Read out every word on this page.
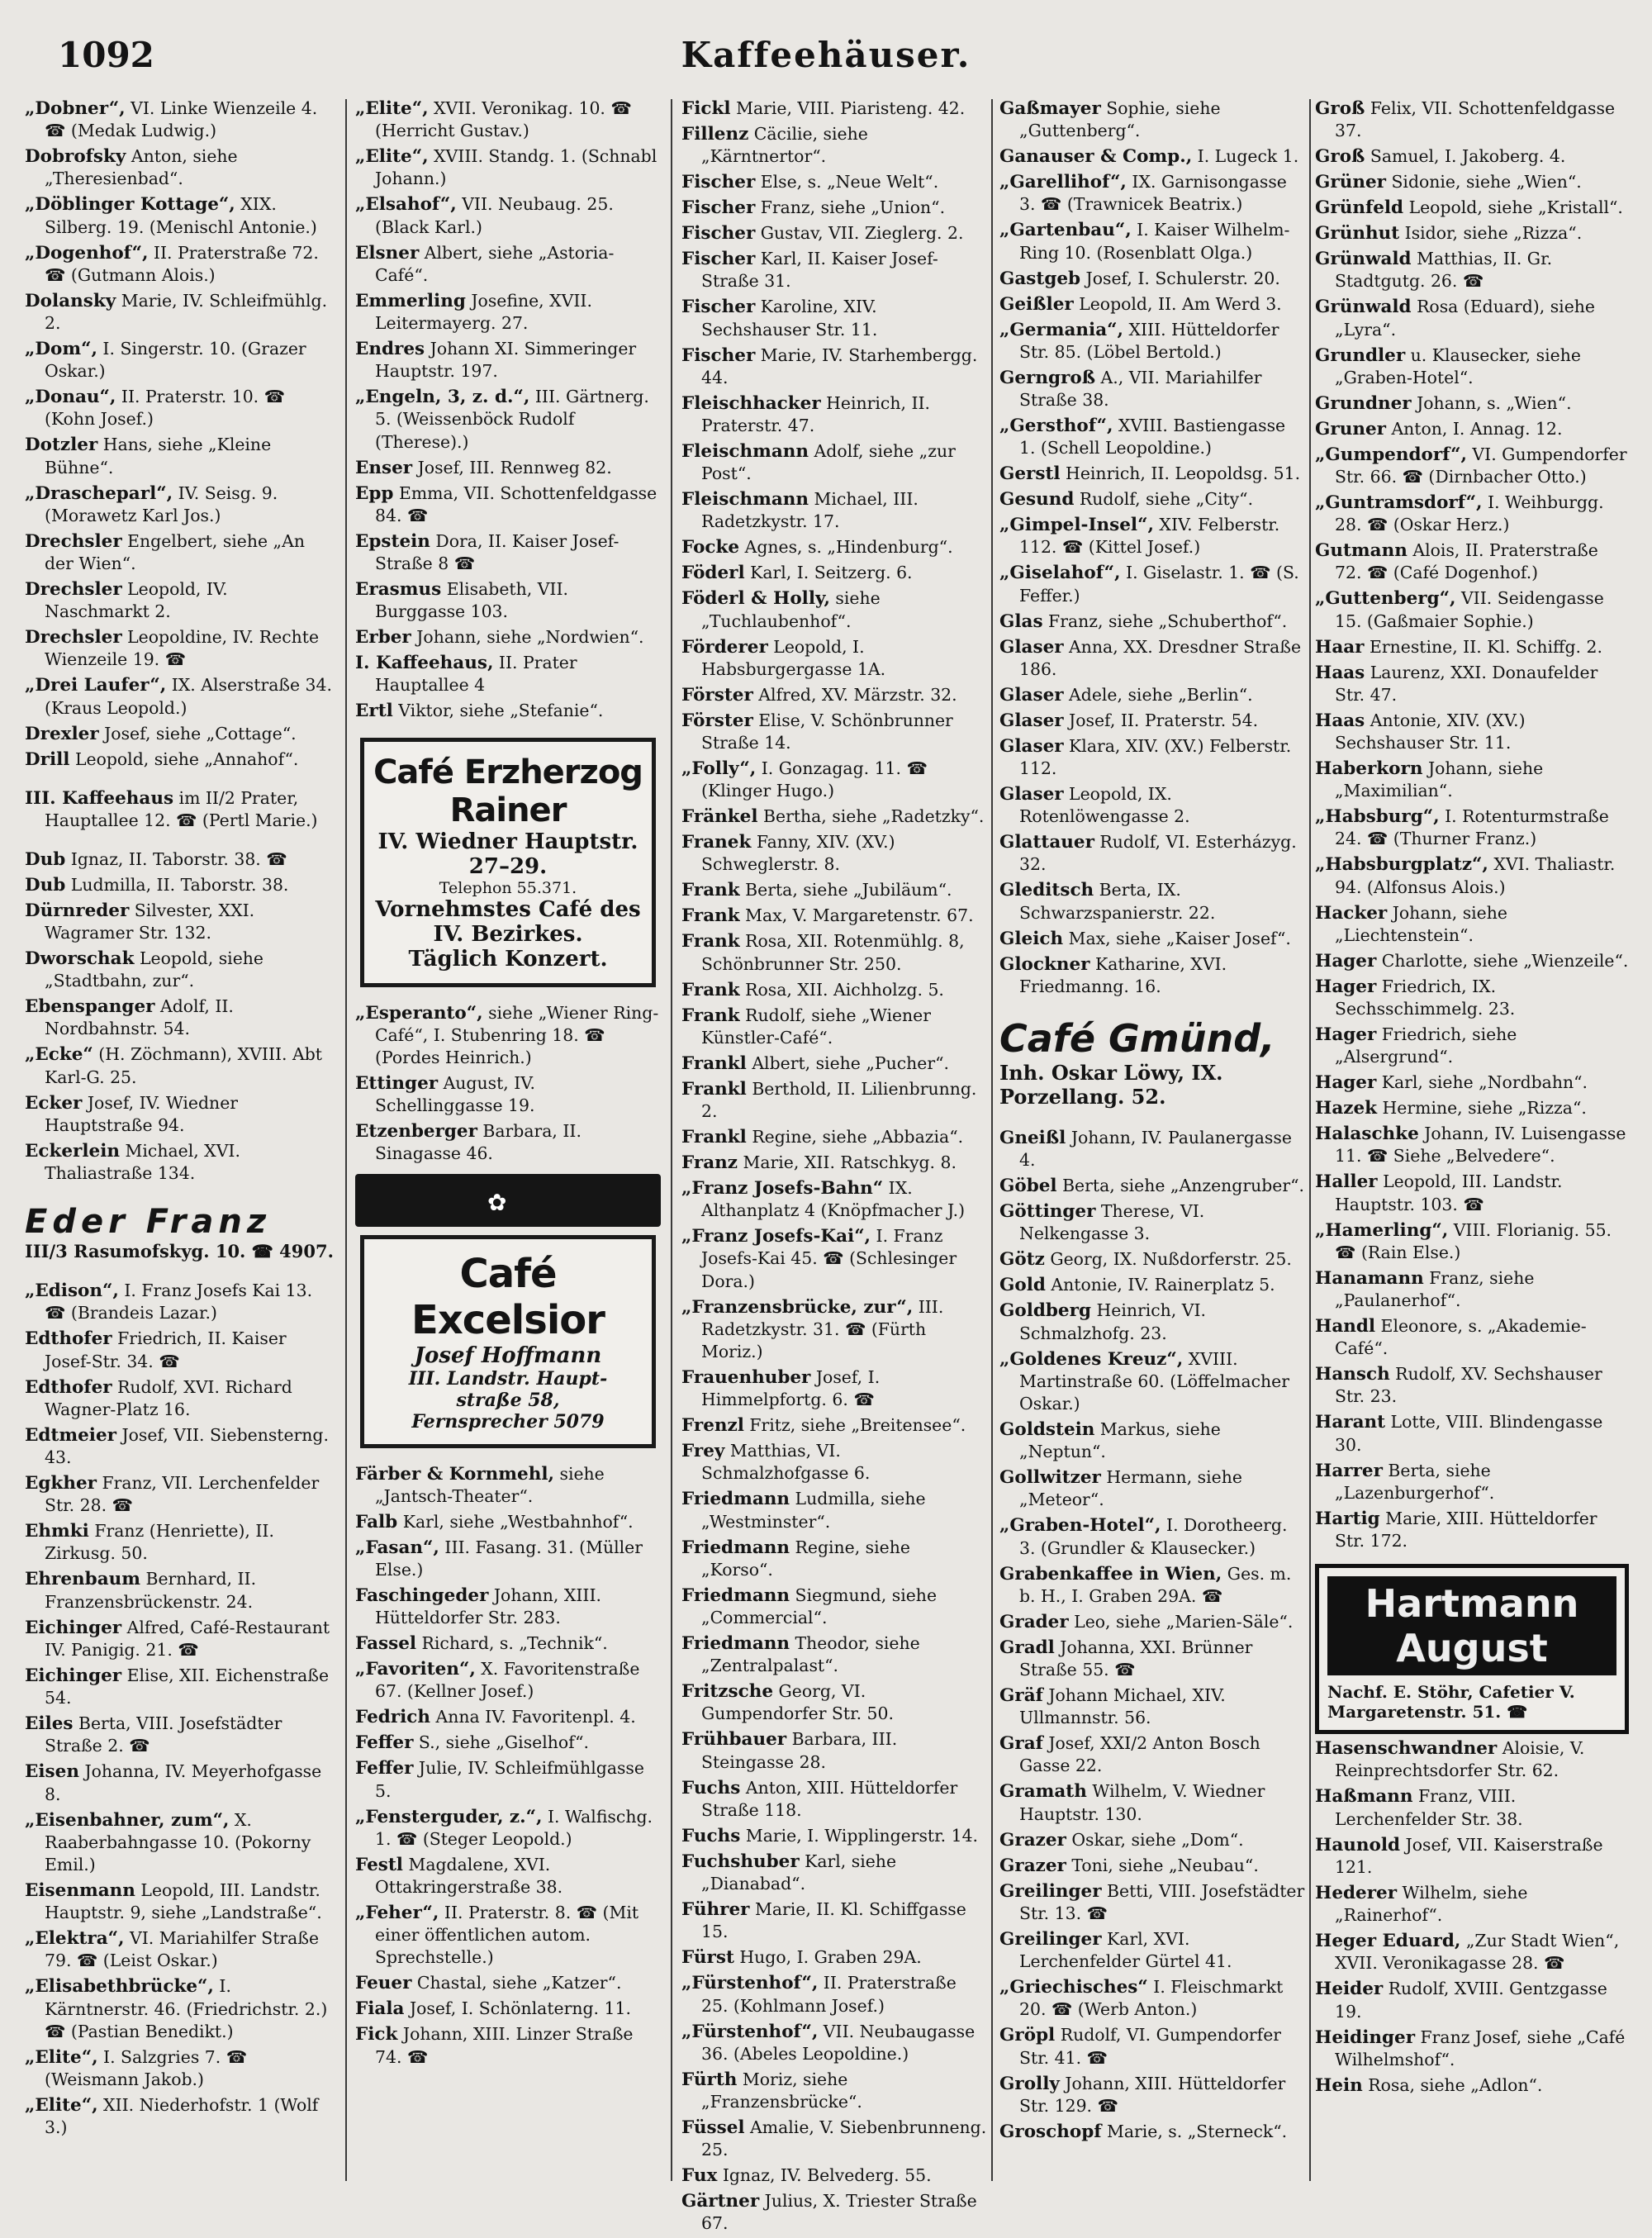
1092	Kaffeehäuser.
„Dobner“, VI. Linke Wienzeile 4. ☎ (Medak Ludwig.)
Dobrofsky Anton, siehe „Theresienbad“.
„Döblinger Kottage“, XIX. Silberg. 19. (Menischl Antonie.)
„Dogenhof“, II. Praterstraße 72. ☎ (Gutmann Alois.)
Dolansky Marie, IV. Schleifmühlg. 2.
„Dom“, I. Singerstr. 10. (Grazer Oskar.)
„Donau“, II. Praterstr. 10. ☎ (Kohn Josef.)
Dotzler Hans, siehe „Kleine Bühne“.
„Drascheparl“, IV. Seisg. 9. (Morawetz Karl Jos.)
Drechsler Engelbert, siehe „An der Wien“.
Drechsler Leopold, IV. Naschmarkt 2.
Drechsler Leopoldine, IV. Rechte Wienzeile 19. ☎
„Drei Laufer“, IX. Alserstraße 34. (Kraus Leopold.)
Drexler Josef, siehe „Cottage“.
Drill Leopold, siehe „Annahof“.
III. Kaffeehaus im II/2 Prater, Hauptallee 12. ☎ (Pertl Marie.)
Dub Ignaz, II. Taborstr. 38. ☎
Dub Ludmilla, II. Taborstr. 38.
Dürnreder Silvester, XXI. Wagramer Str. 132.
Dworschak Leopold, siehe „Stadtbahn, zur“.
Ebenspanger Adolf, II. Nordbahnstr. 54.
„Ecke“ (H. Zöchmann), XVIII. Abt Karl-G. 25.
Ecker Josef, IV. Wiedner Hauptstraße 94.
Eckerlein Michael, XVI. Thaliastraße 134.
Eder Franz
III/3 Rasumofskyg. 10. ☎ 4907.
„Edison“, I. Franz Josefs Kai 13. ☎ (Brandeis Lazar.)
Edthofer Friedrich, II. Kaiser Josef-Str. 34. ☎
Edthofer Rudolf, XVI. Richard Wagner-Platz 16.
Edtmeier Josef, VII. Siebensterng. 43.
Egkher Franz, VII. Lerchenfelder Str. 28. ☎
Ehmki Franz (Henriette), II. Zirkusg. 50.
Ehrenbaum Bernhard, II. Franzensbrückenstr. 24.
Eichinger Alfred, Café-Restaurant IV. Panigig. 21. ☎
Eichinger Elise, XII. Eichenstraße 54.
Eiles Berta, VIII. Josefstädter Straße 2. ☎
Eisen Johanna, IV. Meyerhofgasse 8.
„Eisenbahner, zum“, X. Raaberbahngasse 10. (Pokorny Emil.)
Eisenmann Leopold, III. Landstr. Hauptstr. 9, siehe „Landstraße“.
„Elektra“, VI. Mariahilfer Straße 79. ☎ (Leist Oskar.)
„Elisabethbrücke“, I. Kärntnerstr. 46. (Friedrichstr. 2.) ☎ (Pastian Benedikt.)
„Elite“, I. Salzgries 7. ☎ (Weismann Jakob.)
„Elite“, XII. Niederhofstr. 1 (Wolf 3.)
„Elite“, XVII. Veronikag. 10. ☎ (Herricht Gustav.)
„Elite“, XVIII. Standg. 1. (Schnabl Johann.)
„Elsahof“, VII. Neubaug. 25. (Black Karl.)
Elsner Albert, siehe „Astoria-Café“.
Emmerling Josefine, XVII. Leitermayerg. 27.
Endres Johann XI. Simmeringer Hauptstr. 197.
„Engeln, 3, z. d.“, III. Gärtnerg. 5. (Weissenböck Rudolf (Therese).)
Enser Josef, III. Rennweg 82.
Epp Emma, VII. Schottenfeldgasse 84. ☎
Epstein Dora, II. Kaiser Josef-Straße 8 ☎
Erasmus Elisabeth, VII. Burggasse 103.
Erber Johann, siehe „Nordwien“.
I. Kaffeehaus, II. Prater Hauptallee 4
Ertl Viktor, siehe „Stefanie“.
Café Erzherzog Rainer
IV. Wiedner Hauptstr. 27–29.
Telephon 55.371.
Vornehmstes Café des
IV. Bezirkes.
Täglich Konzert.
„Esperanto“, siehe „Wiener Ring-Café“, I. Stubenring 18. ☎ (Pordes Heinrich.)
Ettinger August, IV. Schellinggasse 19.
Etzenberger Barbara, II. Sinagasse 46.
✿
Café Excelsior
Josef Hoffmann
III. Landstr. Haupt-
straße 58,
Fernsprecher 5079
Färber & Kornmehl, siehe „Jantsch-Theater“.
Falb Karl, siehe „Westbahnhof“.
„Fasan“, III. Fasang. 31. (Müller Else.)
Faschingeder Johann, XIII. Hütteldorfer Str. 283.
Fassel Richard, s. „Technik“.
„Favoriten“, X. Favoritenstraße 67. (Kellner Josef.)
Fedrich Anna IV. Favoritenpl. 4.
Feffer S., siehe „Giselhof“.
Feffer Julie, IV. Schleifmühlgasse 5.
„Fensterguder, z.“, I. Walfischg. 1. ☎ (Steger Leopold.)
Festl Magdalene, XVI. Ottakringerstraße 38.
„Feher“, II. Praterstr. 8. ☎ (Mit einer öffentlichen autom. Sprechstelle.)
Feuer Chastal, siehe „Katzer“.
Fiala Josef, I. Schönlaterng. 11.
Fick Johann, XIII. Linzer Straße 74. ☎
Fickl Marie, VIII. Piaristeng. 42.
Fillenz Cäcilie, siehe „Kärntnertor“.
Fischer Else, s. „Neue Welt“.
Fischer Franz, siehe „Union“.
Fischer Gustav, VII. Zieglerg. 2.
Fischer Karl, II. Kaiser Josef-Straße 31.
Fischer Karoline, XIV. Sechshauser Str. 11.
Fischer Marie, IV. Starhembergg. 44.
Fleischhacker Heinrich, II. Praterstr. 47.
Fleischmann Adolf, siehe „zur Post“.
Fleischmann Michael, III. Radetzkystr. 17.
Focke Agnes, s. „Hindenburg“.
Föderl Karl, I. Seitzerg. 6.
Föderl & Holly, siehe „Tuchlaubenhof“.
Förderer Leopold, I. Habsburgergasse 1A.
Förster Alfred, XV. Märzstr. 32.
Förster Elise, V. Schönbrunner Straße 14.
„Folly“, I. Gonzagag. 11. ☎ (Klinger Hugo.)
Fränkel Bertha, siehe „Radetzky“.
Franek Fanny, XIV. (XV.) Schweglerstr. 8.
Frank Berta, siehe „Jubiläum“.
Frank Max, V. Margaretenstr. 67.
Frank Rosa, XII. Rotenmühlg. 8, Schönbrunner Str. 250.
Frank Rosa, XII. Aichholzg. 5.
Frank Rudolf, siehe „Wiener Künstler-Café“.
Frankl Albert, siehe „Pucher“.
Frankl Berthold, II. Lilienbrunng. 2.
Frankl Regine, siehe „Abbazia“.
Franz Marie, XII. Ratschkyg. 8.
„Franz Josefs-Bahn“ IX. Althanplatz 4 (Knöpfmacher J.)
„Franz Josefs-Kai“, I. Franz Josefs-Kai 45. ☎ (Schlesinger Dora.)
„Franzensbrücke, zur“, III. Radetzkystr. 31. ☎ (Fürth Moriz.)
Frauenhuber Josef, I. Himmelpfortg. 6. ☎
Frenzl Fritz, siehe „Breitensee“.
Frey Matthias, VI. Schmalzhofgasse 6.
Friedmann Ludmilla, siehe „Westminster“.
Friedmann Regine, siehe „Korso“.
Friedmann Siegmund, siehe „Commercial“.
Friedmann Theodor, siehe „Zentralpalast“.
Fritzsche Georg, VI. Gumpendorfer Str. 50.
Frühbauer Barbara, III. Steingasse 28.
Fuchs Anton, XIII. Hütteldorfer Straße 118.
Fuchs Marie, I. Wipplingerstr. 14.
Fuchshuber Karl, siehe „Dianabad“.
Führer Marie, II. Kl. Schiffgasse 15.
Fürst Hugo, I. Graben 29A.
„Fürstenhof“, II. Praterstraße 25. (Kohlmann Josef.)
„Fürstenhof“, VII. Neubaugasse 36. (Abeles Leopoldine.)
Fürth Moriz, siehe „Franzensbrücke“.
Füssel Amalie, V. Siebenbrunneng. 25.
Fux Ignaz, IV. Belvederg. 55.
Gärtner Julius, X. Triester Straße 67.
Gaßmayer Sophie, siehe „Guttenberg“.
Ganauser & Comp., I. Lugeck 1.
„Garellihof“, IX. Garnisongasse 3. ☎ (Trawnicek Beatrix.)
„Gartenbau“, I. Kaiser Wilhelm-Ring 10. (Rosenblatt Olga.)
Gastgeb Josef, I. Schulerstr. 20.
Geißler Leopold, II. Am Werd 3.
„Germania“, XIII. Hütteldorfer Str. 85. (Löbel Bertold.)
Gerngroß A., VII. Mariahilfer Straße 38.
„Gersthof“, XVIII. Bastiengasse 1. (Schell Leopoldine.)
Gerstl Heinrich, II. Leopoldsg. 51.
Gesund Rudolf, siehe „City“.
„Gimpel-Insel“, XIV. Felberstr. 112. ☎ (Kittel Josef.)
„Giselahof“, I. Giselastr. 1. ☎ (S. Feffer.)
Glas Franz, siehe „Schuberthof“.
Glaser Anna, XX. Dresdner Straße 186.
Glaser Adele, siehe „Berlin“.
Glaser Josef, II. Praterstr. 54.
Glaser Klara, XIV. (XV.) Felberstr. 112.
Glaser Leopold, IX. Rotenlöwengasse 2.
Glattauer Rudolf, VI. Esterházyg. 32.
Gleditsch Berta, IX. Schwarzspanierstr. 22.
Gleich Max, siehe „Kaiser Josef“.
Glockner Katharine, XVI. Friedmanng. 16.
Café Gmünd,
Inh. Oskar Löwy, IX. Porzellang. 52.
Gneißl Johann, IV. Paulanergasse 4.
Göbel Berta, siehe „Anzengruber“.
Göttinger Therese, VI. Nelkengasse 3.
Götz Georg, IX. Nußdorferstr. 25.
Gold Antonie, IV. Rainerplatz 5.
Goldberg Heinrich, VI. Schmalzhofg. 23.
„Goldenes Kreuz“, XVIII. Martinstraße 60. (Löffelmacher Oskar.)
Goldstein Markus, siehe „Neptun“.
Gollwitzer Hermann, siehe „Meteor“.
„Graben-Hotel“, I. Dorotheerg. 3. (Grundler & Klausecker.)
Grabenkaffee in Wien, Ges. m. b. H., I. Graben 29A. ☎
Grader Leo, siehe „Marien-Säle“.
Gradl Johanna, XXI. Brünner Straße 55. ☎
Gräf Johann Michael, XIV. Ullmannstr. 56.
Graf Josef, XXI/2 Anton Bosch Gasse 22.
Gramath Wilhelm, V. Wiedner Hauptstr. 130.
Grazer Oskar, siehe „Dom“.
Grazer Toni, siehe „Neubau“.
Greilinger Betti, VIII. Josefstädter Str. 13. ☎
Greilinger Karl, XVI. Lerchenfelder Gürtel 41.
„Griechisches“ I. Fleischmarkt 20. ☎ (Werb Anton.)
Gröpl Rudolf, VI. Gumpendorfer Str. 41. ☎
Grolly Johann, XIII. Hütteldorfer Str. 129. ☎
Groschopf Marie, s. „Sterneck“.
Groß Felix, VII. Schottenfeldgasse 37.
Groß Samuel, I. Jakoberg. 4.
Grüner Sidonie, siehe „Wien“.
Grünfeld Leopold, siehe „Kristall“.
Grünhut Isidor, siehe „Rizza“.
Grünwald Matthias, II. Gr. Stadtgutg. 26. ☎
Grünwald Rosa (Eduard), siehe „Lyra“.
Grundler u. Klausecker, siehe „Graben-Hotel“.
Grundner Johann, s. „Wien“.
Gruner Anton, I. Annag. 12.
„Gumpendorf“, VI. Gumpendorfer Str. 66. ☎ (Dirnbacher Otto.)
„Guntramsdorf“, I. Weihburgg. 28. ☎ (Oskar Herz.)
Gutmann Alois, II. Praterstraße 72. ☎ (Café Dogenhof.)
„Guttenberg“, VII. Seidengasse 15. (Gaßmaier Sophie.)
Haar Ernestine, II. Kl. Schiffg. 2.
Haas Laurenz, XXI. Donaufelder Str. 47.
Haas Antonie, XIV. (XV.) Sechshauser Str. 11.
Haberkorn Johann, siehe „Maximilian“.
„Habsburg“, I. Rotenturmstraße 24. ☎ (Thurner Franz.)
„Habsburgplatz“, XVI. Thaliastr. 94. (Alfonsus Alois.)
Hacker Johann, siehe „Liechtenstein“.
Hager Charlotte, siehe „Wienzeile“.
Hager Friedrich, IX. Sechsschimmelg. 23.
Hager Friedrich, siehe „Alsergrund“.
Hager Karl, siehe „Nordbahn“.
Hazek Hermine, siehe „Rizza“.
Halaschke Johann, IV. Luisengasse 11. ☎ Siehe „Belvedere“.
Haller Leopold, III. Landstr. Hauptstr. 103. ☎
„Hamerling“, VIII. Florianig. 55. ☎ (Rain Else.)
Hanamann Franz, siehe „Paulanerhof“.
Handl Eleonore, s. „Akademie-Café“.
Hansch Rudolf, XV. Sechshauser Str. 23.
Harant Lotte, VIII. Blindengasse 30.
Harrer Berta, siehe „Lazenburgerhof“.
Hartig Marie, XIII. Hütteldorfer Str. 172.
Hartmann August
Nachf. E. Stöhr, Cafetier V. Margaretenstr. 51. ☎
Hasenschwandner Aloisie, V. Reinprechtsdorfer Str. 62.
Haßmann Franz, VIII. Lerchenfelder Str. 38.
Haunold Josef, VII. Kaiserstraße 121.
Hederer Wilhelm, siehe „Rainerhof“.
Heger Eduard, „Zur Stadt Wien“, XVII. Veronikagasse 28. ☎
Heider Rudolf, XVIII. Gentzgasse 19.
Heidinger Franz Josef, siehe „Café Wilhelmshof“.
Hein Rosa, siehe „Adlon“.
